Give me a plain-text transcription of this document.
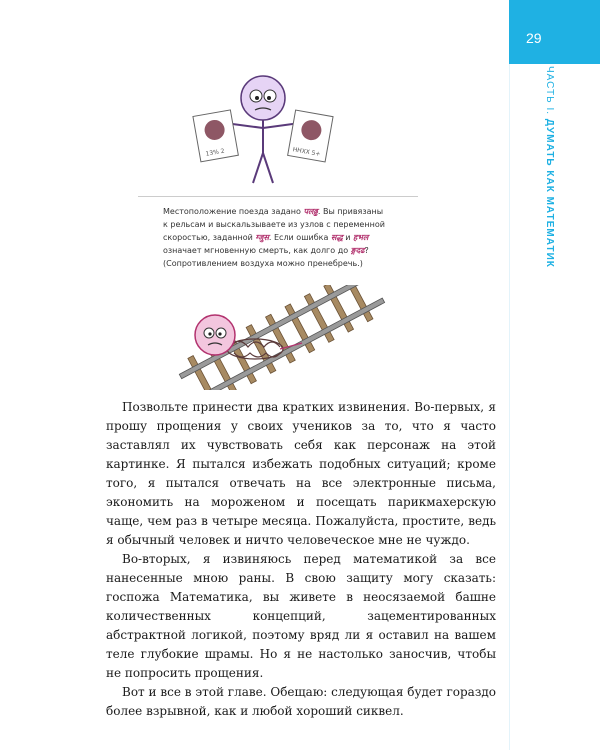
29
ЧАСТЬ I. ДУМАТЬ КАК МАТЕМАТИК
13% 2	ННХХ 5+
Местоположение поезда задано पलढ्ढ. Вы привязаны к рельсам и выскальзываете из узлов с переменной скоростью, заданной ग्जुस. Если ошибка सद्ध и हभल означает мгновенную смерть, как долго до ङ्गदढ? (Сопротивлением воздуха можно пренебречь.)

Позвольте принести два кратких извинения. Во-первых, я прошу прощения у своих учеников за то, что я часто заставлял их чувствовать себя как персонаж на этой картинке. Я пытался избежать подобных ситуаций; кроме того, я пытался отвечать на все электронные письма, экономить на мороженом и посещать парикмахерскую чаще, чем раз в четыре месяца. Пожалуйста, простите, ведь я обычный человек и ничто человеческое мне не чуждо.

Во-вторых, я извиняюсь перед математикой за все нанесенные мною раны. В свою защиту могу сказать: госпожа Математика, вы живете в неосязаемой башне количественных концепций, зацементированных абстрактной логикой, поэтому вряд ли я оставил на вашем теле глубокие шрамы. Но я не настолько заносчив, чтобы не попросить прощения.

Вот и все в этой главе. Обещаю: следующая будет гораздо более взрывной, как и любой хороший сиквел.
